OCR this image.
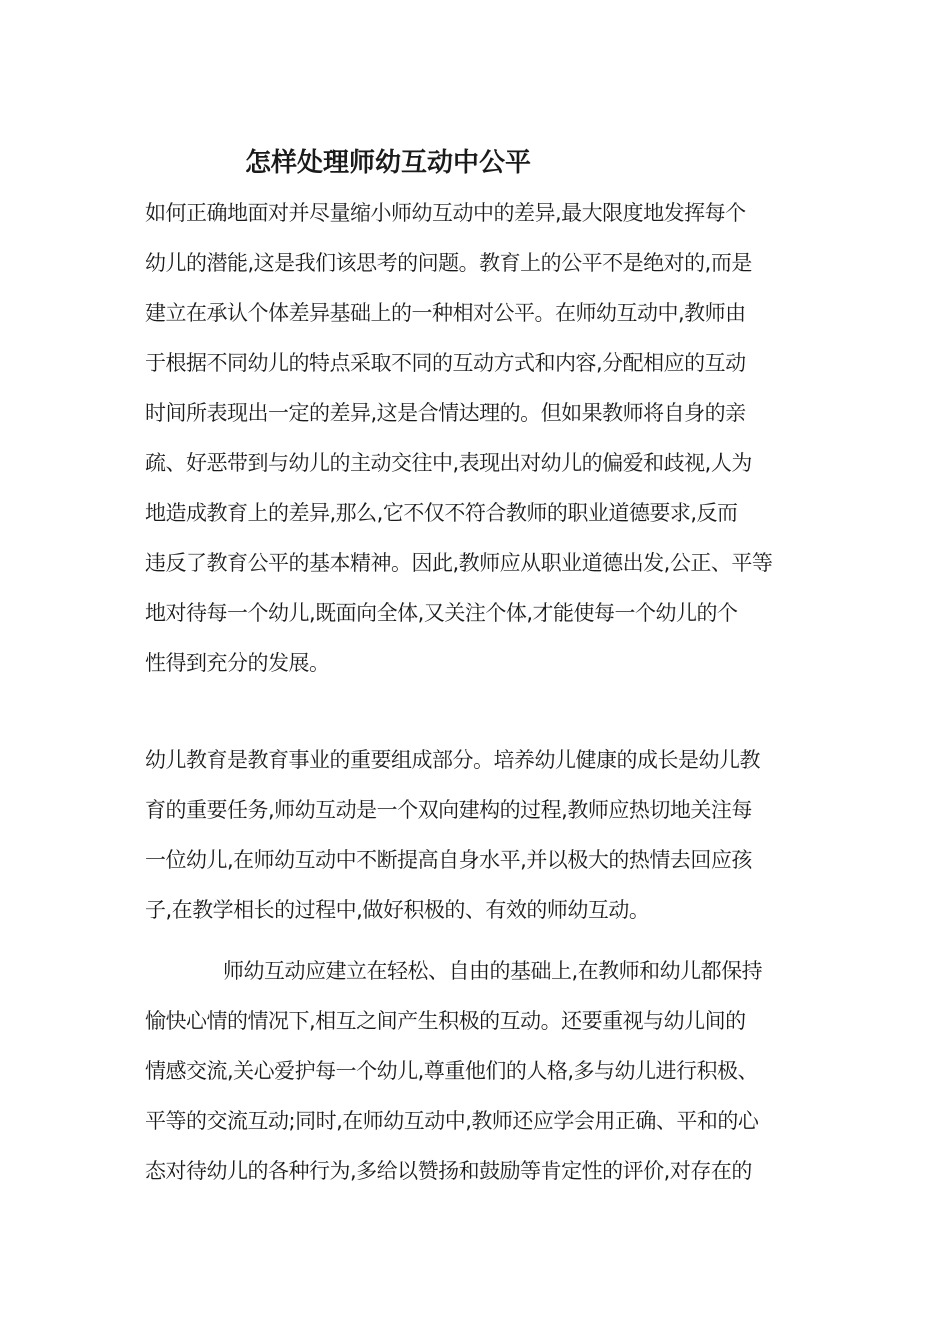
怎样处理师幼互动中公平
如何正确地面对并尽量缩小师幼互动中的差异,最大限度地发挥每个
幼儿的潜能,这是我们该思考的问题。教育上的公平不是绝对的,而是
建立在承认个体差异基础上的一种相对公平。在师幼互动中,教师由
于根据不同幼儿的特点采取不同的互动方式和内容,分配相应的互动
时间所表现出一定的差异,这是合情达理的。但如果教师将自身的亲
疏、好恶带到与幼儿的主动交往中,表现出对幼儿的偏爱和歧视,人为
地造成教育上的差异,那么,它不仅不符合教师的职业道德要求,反而
违反了教育公平的基本精神。因此,教师应从职业道德出发,公正、平等
地对待每一个幼儿,既面向全体,又关注个体,才能使每一个幼儿的个
性得到充分的发展。
幼儿教育是教育事业的重要组成部分。培养幼儿健康的成长是幼儿教
育的重要任务,师幼互动是一个双向建构的过程,教师应热切地关注每
一位幼儿,在师幼互动中不断提高自身水平,并以极大的热情去回应孩
子,在教学相长的过程中,做好积极的、有效的师幼互动。
师幼互动应建立在轻松、自由的基础上,在教师和幼儿都保持
愉快心情的情况下,相互之间产生积极的互动。还要重视与幼儿间的
情感交流,关心爱护每一个幼儿,尊重他们的人格,多与幼儿进行积极、
平等的交流互动;同时,在师幼互动中,教师还应学会用正确、平和的心
态对待幼儿的各种行为,多给以赞扬和鼓励等肯定性的评价,对存在的
